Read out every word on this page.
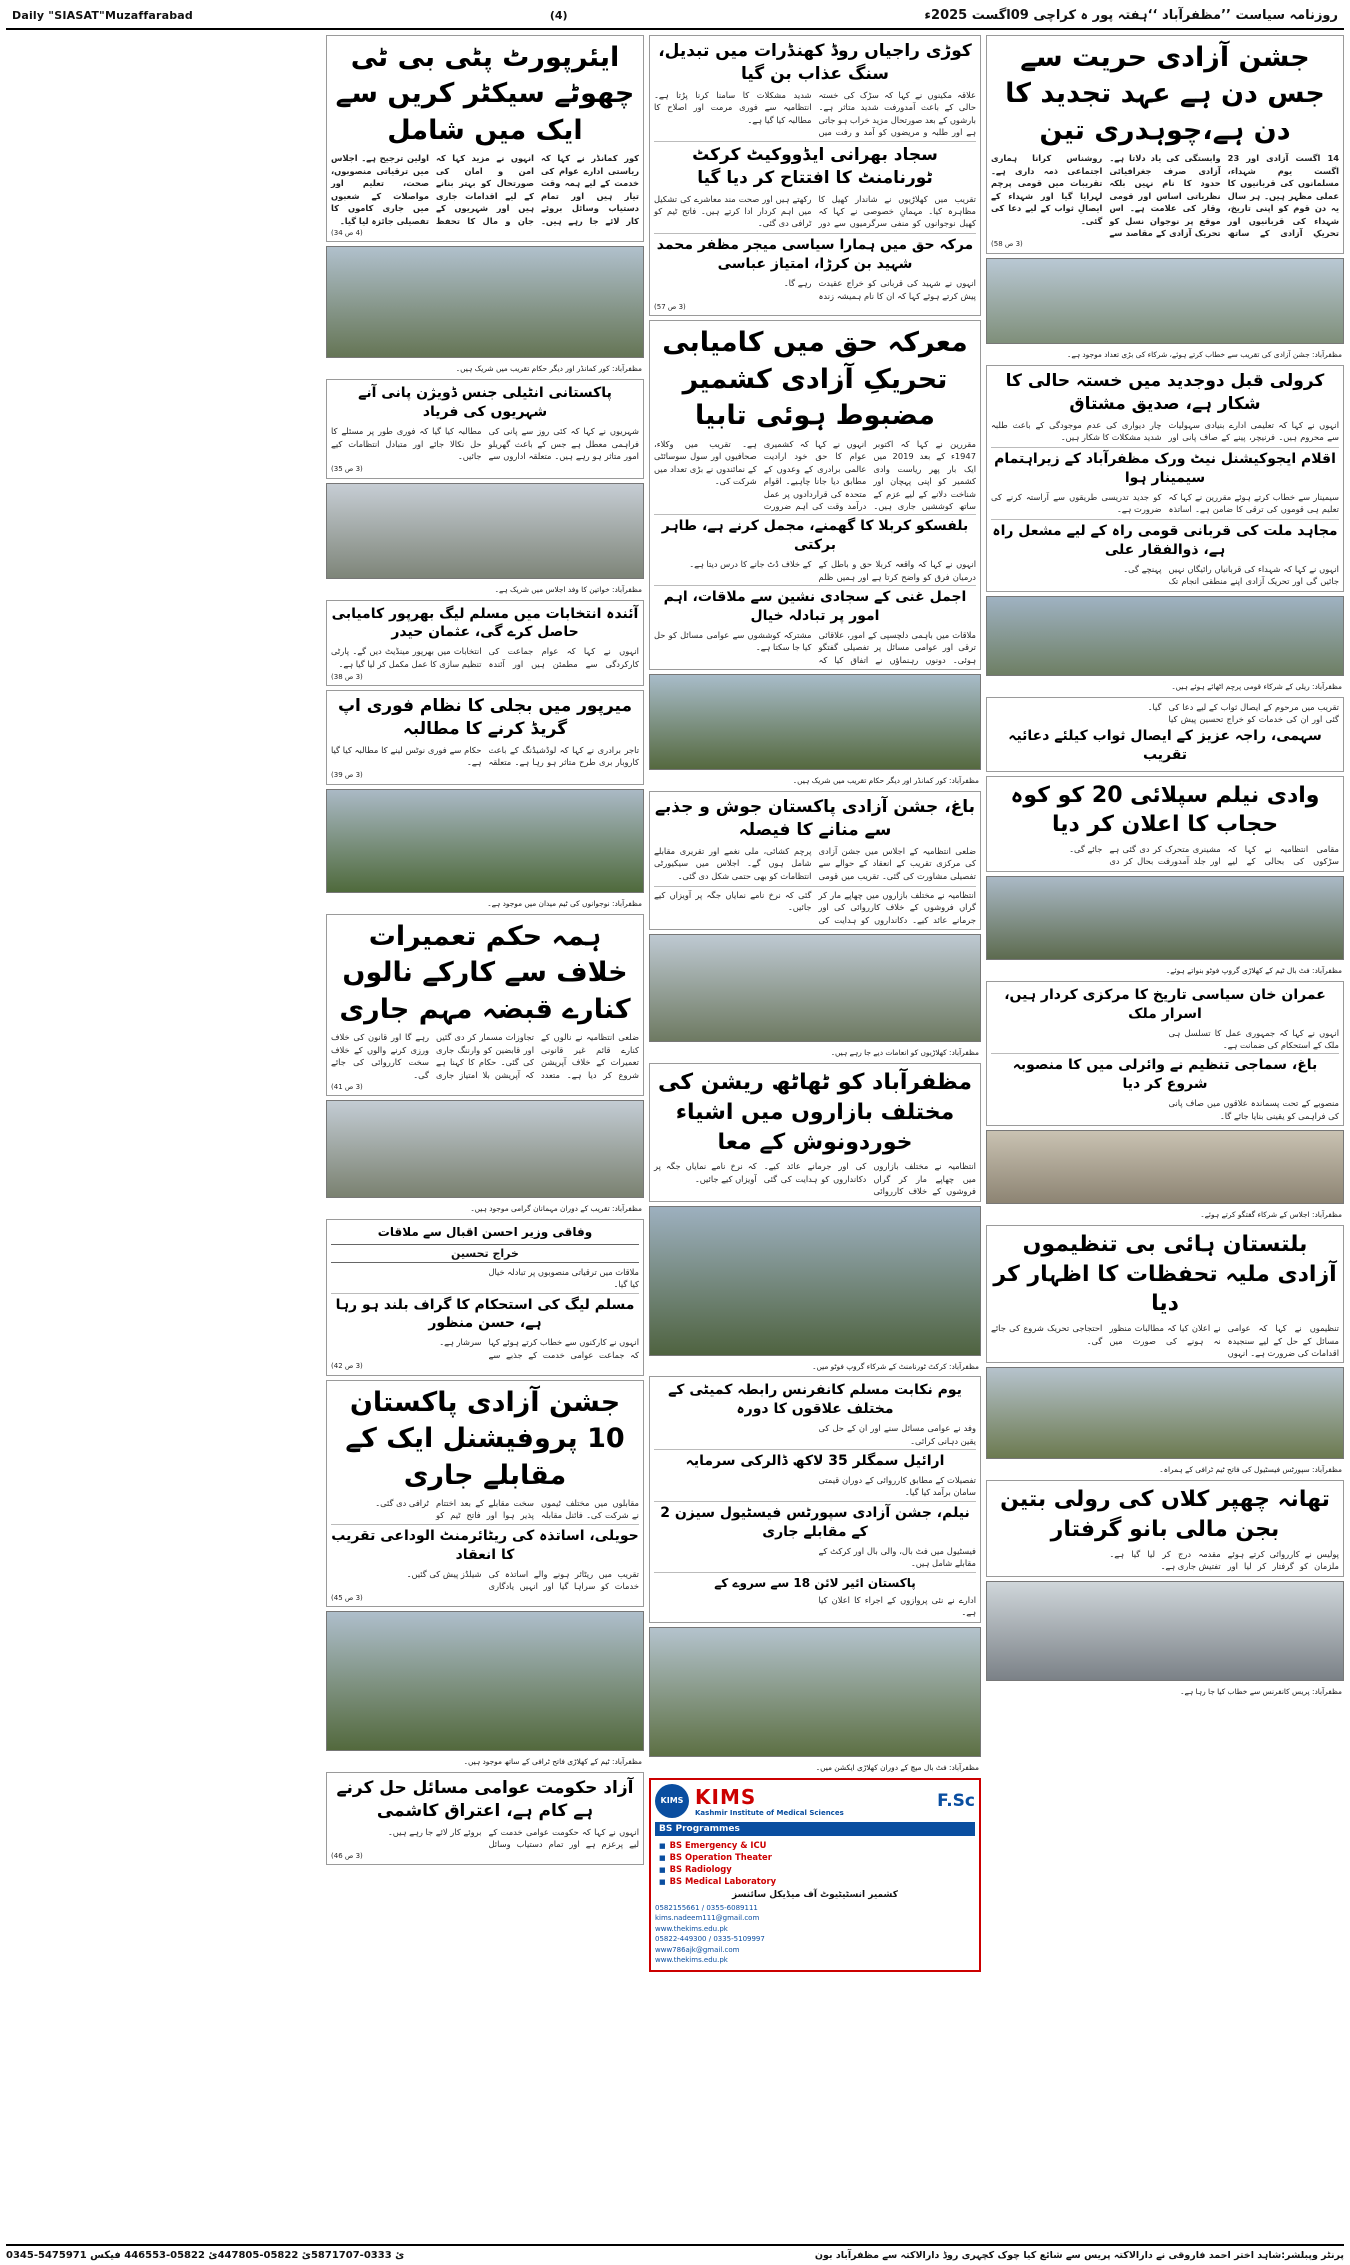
Daily "SIASAT"Muzaffarabad	(4)	روزنامہ سیاست ’’مظفرآباد ‘‘ہفتہ پور ہ کراچی 09اگست 2025ء
جشن آزادی حریت سے جس دن ہے عہد تجدید کا دن ہے،چوہدری تین

14 اگست آزادی اور 23 اگست یوم شہداء، مسلمانوں کی قربانیوں کا عملی مظہر ہیں۔ ہر سال یہ دن قوم کو اپنی تاریخ، شہداء کی قربانیوں اور تحریکِ آزادی کے ساتھ وابستگی کی یاد دلاتا ہے۔ آزادی صرف جغرافیائی حدود کا نام نہیں بلکہ نظریاتی اساس اور قومی وقار کی علامت ہے۔ اس موقع پر نوجوان نسل کو تحریک آزادی کے مقاصد سے روشناس کرانا ہماری اجتماعی ذمہ داری ہے۔ تقریبات میں قومی پرچم لہرایا گیا اور شہداء کے ایصالِ ثواب کے لیے دعا کی گئی۔

(3 ص 58)
مظفرآباد: جشن آزادی کی تقریب سے خطاب کرتے ہوئے، شرکاء کی بڑی تعداد موجود ہے۔
کرولی قبل دوجدید میں خستہ حالی کا شکار ہے، صدیق مشتاق

انہوں نے کہا کہ تعلیمی ادارے بنیادی سہولیات سے محروم ہیں۔ فرنیچر، پینے کے صاف پانی اور چار دیواری کی عدم موجودگی کے باعث طلبہ شدید مشکلات کا شکار ہیں۔

اقلام ایجوکیشنل نیٹ ورک مظفرآباد کے زیراہتمام سیمینار ہوا

سیمینار سے خطاب کرتے ہوئے مقررین نے کہا کہ تعلیم ہی قوموں کی ترقی کا ضامن ہے۔ اساتذہ کو جدید تدریسی طریقوں سے آراستہ کرنے کی ضرورت ہے۔

مجاہد ملت کی قربانی قومی راہ کے لیے مشعل راہ ہے، ذوالفقار علی

انہوں نے کہا کہ شہداء کی قربانیاں رائیگاں نہیں جائیں گی اور تحریک آزادی اپنے منطقی انجام تک پہنچے گی۔

مظفرآباد: ریلی کے شرکاء قومی پرچم اٹھائے ہوئے ہیں۔

تقریب میں مرحوم کے ایصال ثواب کے لیے دعا کی گئی اور ان کی خدمات کو خراج تحسین پیش کیا گیا۔

سہمی، راجہ عزیز کے ایصال ثواب کیلئے دعائیہ تقریب
وادی نیلم سپلائی 20 کو کوہ حجاب کا اعلان کر دیا

مقامی انتظامیہ نے کہا کہ سڑکوں کی بحالی کے لیے مشینری متحرک کر دی گئی ہے اور جلد آمدورفت بحال کر دی جائے گی۔

مظفرآباد: فٹ بال ٹیم کے کھلاڑی گروپ فوٹو بنواتے ہوئے۔
عمران خان سیاسی تاریخ کا مرکزی کردار ہیں، اسرار ملک

انہوں نے کہا کہ جمہوری عمل کا تسلسل ہی ملک کے استحکام کی ضمانت ہے۔

باغ، سماجی تنظیم نے وائرلی میں کا منصوبہ شروع کر دیا

منصوبے کے تحت پسماندہ علاقوں میں صاف پانی کی فراہمی کو یقینی بنایا جائے گا۔

مظفرآباد: اجلاس کے شرکاء گفتگو کرتے ہوئے۔
بلتستان ہائی بی تنظیموں آزادی ملیہ تحفظات کا اظہار کر دیا

تنظیموں نے کہا کہ عوامی مسائل کے حل کے لیے سنجیدہ اقدامات کی ضرورت ہے۔ انہوں نے اعلان کیا کہ مطالبات منظور نہ ہونے کی صورت میں احتجاجی تحریک شروع کی جائے گی۔

مظفرآباد: سپورٹس فیسٹیول کی فاتح ٹیم ٹرافی کے ہمراہ۔
تھانہ چھپر کلاں کی رولی بتین بجن مالی بانو گرفتار

پولیس نے کارروائی کرتے ہوئے ملزمان کو گرفتار کر لیا اور مقدمہ درج کر لیا گیا ہے۔ تفتیش جاری ہے۔

مظفرآباد: پریس کانفرنس سے خطاب کیا جا رہا ہے۔
کوڑی راجیاں روڈ کھنڈرات میں تبدیل، سنگ عذاب بن گیا

علاقہ مکینوں نے کہا کہ سڑک کی خستہ حالی کے باعث آمدورفت شدید متاثر ہے۔ بارشوں کے بعد صورتحال مزید خراب ہو جاتی ہے اور طلبہ و مریضوں کو آمد و رفت میں شدید مشکلات کا سامنا کرنا پڑتا ہے۔ انتظامیہ سے فوری مرمت اور اصلاح کا مطالبہ کیا گیا ہے۔

سجاد بھرانی ایڈووکیٹ کرکٹ ٹورنامنٹ کا افتتاح کر دیا گیا

تقریب میں کھلاڑیوں نے شاندار کھیل کا مظاہرہ کیا۔ مہمانِ خصوصی نے کہا کہ کھیل نوجوانوں کو منفی سرگرمیوں سے دور رکھتے ہیں اور صحت مند معاشرے کی تشکیل میں اہم کردار ادا کرتے ہیں۔ فاتح ٹیم کو ٹرافی دی گئی۔

مرکہ حق میں ہمارا سیاسی میجر مظفر محمد شہید بن کرڑا، امتیاز عباسی

انہوں نے شہید کی قربانی کو خراج عقیدت پیش کرتے ہوئے کہا کہ ان کا نام ہمیشہ زندہ رہے گا۔

(3 ص 57)
معرکہ حق میں کامیابی تحریکِ آزادی کشمیر مضبوط ہوئی تابیا

مقررین نے کہا کہ اکتوبر 1947ء کے بعد 2019 میں ایک بار پھر ریاست وادی کشمیر کو اپنی پہچان اور شناخت دلانے کے لیے عزم کے ساتھ کوششیں جاری ہیں۔ انہوں نے کہا کہ کشمیری عوام کا حق خود ارادیت عالمی برادری کے وعدوں کے مطابق دیا جانا چاہیے۔ اقوام متحدہ کی قراردادوں پر عمل درآمد وقت کی اہم ضرورت ہے۔ تقریب میں وکلاء، صحافیوں اور سول سوسائٹی کے نمائندوں نے بڑی تعداد میں شرکت کی۔

بلفسکو کربلا کا گھمنے، مجمل کرنے ہے، طاہر برکتی

انہوں نے کہا کہ واقعہ کربلا حق و باطل کے درمیان فرق کو واضح کرتا ہے اور ہمیں ظلم کے خلاف ڈٹ جانے کا درس دیتا ہے۔

اجمل غنی کے سجادی نشین سے ملاقات، اہم امور پر تبادلہ خیال

ملاقات میں باہمی دلچسپی کے امور، علاقائی ترقی اور عوامی مسائل پر تفصیلی گفتگو ہوئی۔ دونوں رہنماؤں نے اتفاق کیا کہ مشترکہ کوششوں سے عوامی مسائل کو حل کیا جا سکتا ہے۔

مظفرآباد: کور کمانڈر اور دیگر حکام تقریب میں شریک ہیں۔
باغ، جشن آزادی پاکستان جوش و جذبے سے منانے کا فیصلہ

ضلعی انتظامیہ کے اجلاس میں جشن آزادی کی مرکزی تقریب کے انعقاد کے حوالے سے تفصیلی مشاورت کی گئی۔ تقریب میں قومی پرچم کشائی، ملی نغمے اور تقریری مقابلے شامل ہوں گے۔ اجلاس میں سیکیورٹی انتظامات کو بھی حتمی شکل دی گئی۔

انتظامیہ نے مختلف بازاروں میں چھاپے مار کر گراں فروشوں کے خلاف کارروائی کی اور جرمانے عائد کیے۔ دکانداروں کو ہدایت کی گئی کہ نرخ نامے نمایاں جگہ پر آویزاں کیے جائیں۔

مظفرآباد: کھلاڑیوں کو انعامات دیے جا رہے ہیں۔
مظفرآباد کو ٹھاٹھ ریشن کی مختلف بازاروں میں اشیاء خوردونوش کے معا

انتظامیہ نے مختلف بازاروں میں چھاپے مار کر گراں فروشوں کے خلاف کارروائی کی اور جرمانے عائد کیے۔ دکانداروں کو ہدایت کی گئی کہ نرخ نامے نمایاں جگہ پر آویزاں کیے جائیں۔

مظفرآباد: کرکٹ ٹورنامنٹ کے شرکاء گروپ فوٹو میں۔
یوم نکابت مسلم کانفرنس رابطہ کمیٹی کے مختلف علاقوں کا دورہ

وفد نے عوامی مسائل سنے اور ان کے حل کی یقین دہانی کرائی۔

ارائیل سمگلر 35 لاکھ ڈالرکی سرمایہ

تفصیلات کے مطابق کارروائی کے دوران قیمتی سامان برآمد کیا گیا۔

نیلم، جشن آزادی سپورٹس فیسٹیول سیزن 2 کے مقابلے جاری

فیسٹیول میں فٹ بال، والی بال اور کرکٹ کے مقابلے شامل ہیں۔

پاکستان ائیر لائن 18 سے سروے کے

ادارے نے نئی پروازوں کے اجراء کا اعلان کیا ہے۔

مظفرآباد: فٹ بال میچ کے دوران کھلاڑی ایکشن میں۔
KIMS KIMS
Kashmir Institute of Medical Sciences
F.Sc
BS Programmes
■ BS Emergency & ICU
■ BS Operation Theater
■ BS Radiology
■ BS Medical Laboratory
کشمیر انسٹیٹیوٹ آف میڈیکل سائنسز
0582155661 / 0355-6089111
kims.nadeem111@gmail.com
www.thekims.edu.pk
05822-449300 / 0335-5109997
www786ajk@gmail.com
www.thekims.edu.pk
ایئرپورٹ پٹی بی ٹی چھوٹے سیکٹر کریں سے ایک میں شامل

کور کمانڈر نے کہا کہ ریاستی ادارے عوام کی خدمت کے لیے ہمہ وقت تیار ہیں اور تمام دستیاب وسائل بروئے کار لائے جا رہے ہیں۔ انہوں نے مزید کہا کہ امن و امان کی صورتحال کو بہتر بنانے کے لیے اقدامات جاری ہیں اور شہریوں کے جان و مال کا تحفظ اولین ترجیح ہے۔ اجلاس میں ترقیاتی منصوبوں، صحت، تعلیم اور مواصلات کے شعبوں میں جاری کاموں کا تفصیلی جائزہ لیا گیا۔

(4 ص 34)
مظفرآباد: کور کمانڈر اور دیگر حکام تقریب میں شریک ہیں۔
پاکستانی انٹیلی جنس ڈویژن پانی آنے شہریوں کی فریاد

شہریوں نے کہا کہ کئی روز سے پانی کی فراہمی معطل ہے جس کے باعث گھریلو امور متاثر ہو رہے ہیں۔ متعلقہ اداروں سے مطالبہ کیا گیا کہ فوری طور پر مسئلے کا حل نکالا جائے اور متبادل انتظامات کیے جائیں۔

(3 ص 35)
مظفرآباد: خواتین کا وفد اجلاس میں شریک ہے۔
آئندہ انتخابات میں مسلم لیگ بھرپور کامیابی حاصل کرے گی، عثمان حیدر

انہوں نے کہا کہ عوام جماعت کی کارکردگی سے مطمئن ہیں اور آئندہ انتخابات میں بھرپور مینڈیٹ دیں گے۔ پارٹی تنظیم سازی کا عمل مکمل کر لیا گیا ہے۔

(3 ص 38)
میرپور میں بجلی کا نظام فوری اپ گریڈ کرنے کا مطالبہ

تاجر برادری نے کہا کہ لوڈشیڈنگ کے باعث کاروبار بری طرح متاثر ہو رہا ہے۔ متعلقہ حکام سے فوری نوٹس لینے کا مطالبہ کیا گیا ہے۔

(3 ص 39)
مظفرآباد: نوجوانوں کی ٹیم میدان میں موجود ہے۔
ہمہ حکم تعمیرات خلاف سے کارکے نالوں کنارے قبضہ مہم جاری

ضلعی انتظامیہ نے نالوں کے کنارے قائم غیر قانونی تعمیرات کے خلاف آپریشن شروع کر دیا ہے۔ متعدد تجاوزات مسمار کر دی گئیں اور قابضین کو وارننگ جاری کی گئی۔ حکام کا کہنا ہے کہ آپریشن بلا امتیاز جاری رہے گا اور قانون کی خلاف ورزی کرنے والوں کے خلاف سخت کارروائی کی جائے گی۔

(3 ص 41)
مظفرآباد: تقریب کے دوران مہمانان گرامی موجود ہیں۔
وفاقی وزیر احسن اقبال سے ملاقات
خراج تحسین

ملاقات میں ترقیاتی منصوبوں پر تبادلہ خیال کیا گیا۔

مسلم لیگ کی استحکام کا گراف بلند ہو رہا ہے، حسن منظور

انہوں نے کارکنوں سے خطاب کرتے ہوئے کہا کہ جماعت عوامی خدمت کے جذبے سے سرشار ہے۔

(3 ص 42)
جشن آزادی پاکستان 10 پروفیشنل ایک کے مقابلے جاری

مقابلوں میں مختلف ٹیموں نے شرکت کی۔ فائنل مقابلہ سخت مقابلے کے بعد اختتام پذیر ہوا اور فاتح ٹیم کو ٹرافی دی گئی۔

حویلی، اساتذہ کی ریٹائرمنٹ الوداعی تقریب کا انعقاد

تقریب میں ریٹائر ہونے والے اساتذہ کی خدمات کو سراہا گیا اور انہیں یادگاری شیلڈز پیش کی گئیں۔

(3 ص 45)
مظفرآباد: ٹیم کے کھلاڑی فاتح ٹرافی کے ساتھ موجود ہیں۔
آزاد حکومت عوامی مسائل حل کرنے ہے کام ہے، اعتراق کاشمی

انہوں نے کہا کہ حکومت عوامی خدمت کے لیے پرعزم ہے اور تمام دستیاب وسائل بروئے کار لائے جا رہے ہیں۔

(3 ص 46)
0345-5475971 ئ 0333-5871707ئ 05822-447805ئ 05822-446553 فیکس	پرنٹر وپبلشر:شاہد اختر احمد فاروقی نے دارالاکتہ پریس سے شائع کیا چوک کچہری روڈ دارالاکتہ سے مظفرآباد بون
